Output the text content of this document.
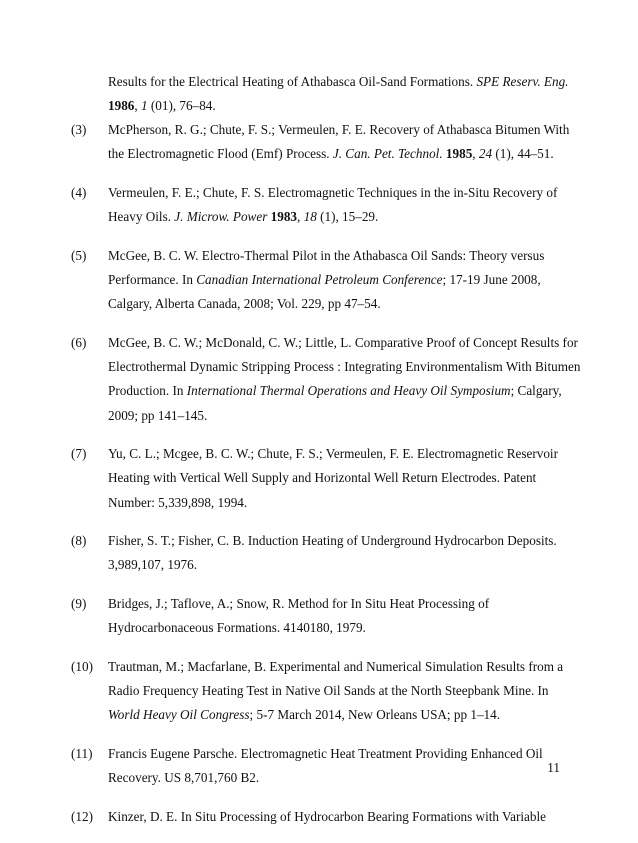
Results for the Electrical Heating of Athabasca Oil-Sand Formations. SPE Reserv. Eng.
1986, 1 (01), 76–84.
(3) McPherson, R. G.; Chute, F. S.; Vermeulen, F. E. Recovery of Athabasca Bitumen With the Electromagnetic Flood (Emf) Process. J. Can. Pet. Technol. 1985, 24 (1), 44–51.
(4) Vermeulen, F. E.; Chute, F. S. Electromagnetic Techniques in the in-Situ Recovery of Heavy Oils. J. Microw. Power 1983, 18 (1), 15–29.
(5) McGee, B. C. W. Electro-Thermal Pilot in the Athabasca Oil Sands: Theory versus Performance. In Canadian International Petroleum Conference; 17-19 June 2008, Calgary, Alberta Canada, 2008; Vol. 229, pp 47–54.
(6) McGee, B. C. W.; McDonald, C. W.; Little, L. Comparative Proof of Concept Results for Electrothermal Dynamic Stripping Process : Integrating Environmentalism With Bitumen Production. In International Thermal Operations and Heavy Oil Symposium; Calgary, 2009; pp 141–145.
(7) Yu, C. L.; Mcgee, B. C. W.; Chute, F. S.; Vermeulen, F. E. Electromagnetic Reservoir Heating with Vertical Well Supply and Horizontal Well Return Electrodes. Patent Number: 5,339,898, 1994.
(8) Fisher, S. T.; Fisher, C. B. Induction Heating of Underground Hydrocarbon Deposits. 3,989,107, 1976.
(9) Bridges, J.; Taflove, A.; Snow, R. Method for In Situ Heat Processing of Hydrocarbonaceous Formations. 4140180, 1979.
(10) Trautman, M.; Macfarlane, B. Experimental and Numerical Simulation Results from a Radio Frequency Heating Test in Native Oil Sands at the North Steepbank Mine. In World Heavy Oil Congress; 5-7 March 2014, New Orleans USA; pp 1–14.
(11) Francis Eugene Parsche. Electromagnetic Heat Treatment Providing Enhanced Oil Recovery. US 8,701,760 B2.
(12) Kinzer, D. E. In Situ Processing of Hydrocarbon Bearing Formations with Variable
11
